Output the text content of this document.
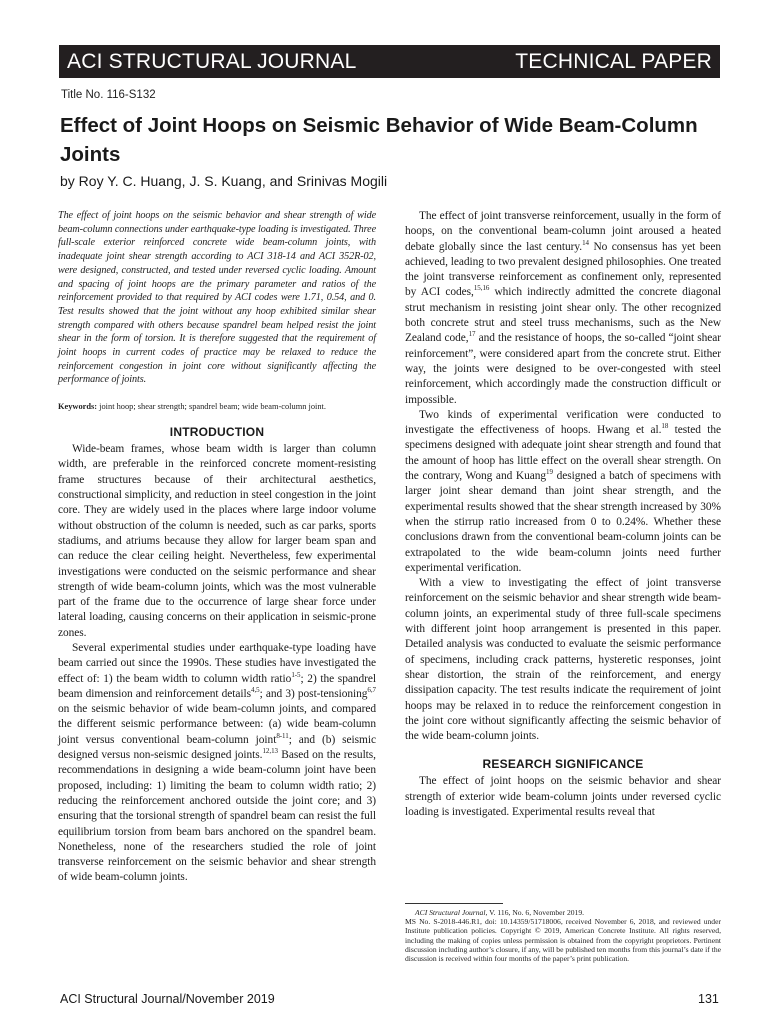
ACI STRUCTURAL JOURNAL	TECHNICAL PAPER
Title No. 116-S132
Effect of Joint Hoops on Seismic Behavior of Wide Beam-Column Joints
by Roy Y. C. Huang, J. S. Kuang, and Srinivas Mogili

The effect of joint hoops on the seismic behavior and shear strength of wide beam-column connections under earthquake-type loading is investigated. Three full-scale exterior reinforced concrete wide beam-column joints, with inadequate joint shear strength according to ACI 318-14 and ACI 352R-02, were designed, constructed, and tested under reversed cyclic loading. Amount and spacing of joint hoops are the primary parameter and ratios of the reinforcement provided to that required by ACI codes were 1.71, 0.54, and 0. Test results showed that the joint without any hoop exhibited similar shear strength compared with others because spandrel beam helped resist the joint shear in the form of torsion. It is therefore suggested that the requirement of joint hoops in current codes of practice may be relaxed to reduce the reinforcement congestion in joint core without significantly affecting the performance of joints.

Keywords: joint hoop; shear strength; spandrel beam; wide beam-column joint.

INTRODUCTION

Wide-beam frames, whose beam width is larger than column width, are preferable in the reinforced concrete moment-resisting frame structures because of their architectural aesthetics, constructional simplicity, and reduction in steel congestion in the joint core. They are widely used in the places where large indoor volume without obstruction of the column is needed, such as car parks, sports stadiums, and atriums because they allow for larger beam span and can reduce the clear ceiling height. Nevertheless, few experimental investigations were conducted on the seismic performance and shear strength of wide beam-column joints, which was the most vulnerable part of the frame due to the occurrence of large shear force under lateral loading, causing concerns on their application in seismic-prone zones.

Several experimental studies under earthquake-type loading have beam carried out since the 1990s. These studies have investigated the effect of: 1) the beam width to column width ratio$^{1-5}$; 2) the spandrel beam dimension and reinforcement details$^{4,5}$; and 3) post-tensioning$^{6,7}$ on the seismic behavior of wide beam-column joints, and compared the different seismic performance between: (a) wide beam-column joint versus conventional beam-column joint$^{8-11}$; and (b) seismic designed versus non-seismic designed joints.$^{12,13}$ Based on the results, recommendations in designing a wide beam-column joint have been proposed, including: 1) limiting the beam to column width ratio; 2) reducing the reinforcement anchored outside the joint core; and 3) ensuring that the torsional strength of spandrel beam can resist the full equilibrium torsion from beam bars anchored on the spandrel beam. Nonetheless, none of the researchers studied the role of joint transverse reinforcement on the seismic behavior and shear strength of wide beam-column joints.

The effect of joint transverse reinforcement, usually in the form of hoops, on the conventional beam-column joint aroused a heated debate globally since the last century.$^{14}$ No consensus has yet been achieved, leading to two prevalent designed philosophies. One treated the joint transverse reinforcement as confinement only, represented by ACI codes,$^{15,16}$ which indirectly admitted the concrete diagonal strut mechanism in resisting joint shear only. The other recognized both concrete strut and steel truss mechanisms, such as the New Zealand code,$^{17}$ and the resistance of hoops, the so-called “joint shear reinforcement”, were considered apart from the concrete strut. Either way, the joints were designed to be over-congested with steel reinforcement, which accordingly made the construction difficult or impossible.

Two kinds of experimental verification were conducted to investigate the effectiveness of hoops. Hwang et al.$^{18}$ tested the specimens designed with adequate joint shear strength and found that the amount of hoop has little effect on the overall shear strength. On the contrary, Wong and Kuang$^{19}$ designed a batch of specimens with larger joint shear demand than joint shear strength, and the experimental results showed that the shear strength increased by 30% when the stirrup ratio increased from 0 to 0.24%. Whether these conclusions drawn from the conventional beam-column joints can be extrapolated to the wide beam-column joints need further experimental verification.

With a view to investigating the effect of joint transverse reinforcement on the seismic behavior and shear strength wide beam-column joints, an experimental study of three full-scale specimens with different joint hoop arrangement is presented in this paper. Detailed analysis was conducted to evaluate the seismic performance of specimens, including crack patterns, hysteretic responses, joint shear distortion, the strain of the reinforcement, and energy dissipation capacity. The test results indicate the requirement of joint hoops may be relaxed in to reduce the reinforcement congestion in the joint core without significantly affecting the seismic behavior of the wide beam-column joints.

RESEARCH SIGNIFICANCE

The effect of joint hoops on the seismic behavior and shear strength of exterior wide beam-column joints under reversed cyclic loading is investigated. Experimental results reveal that

ACI Structural Journal, V. 116, No. 6, November 2019.
MS No. S-2018-446.R1, doi: 10.14359/51718006, received November 6, 2018, and reviewed under Institute publication policies. Copyright © 2019, American Concrete Institute. All rights reserved, including the making of copies unless permission is obtained from the copyright proprietors. Pertinent discussion including author’s closure, if any, will be published ten months from this journal’s date if the discussion is received within four months of the paper’s print publication.
ACI Structural Journal/November 2019	131
